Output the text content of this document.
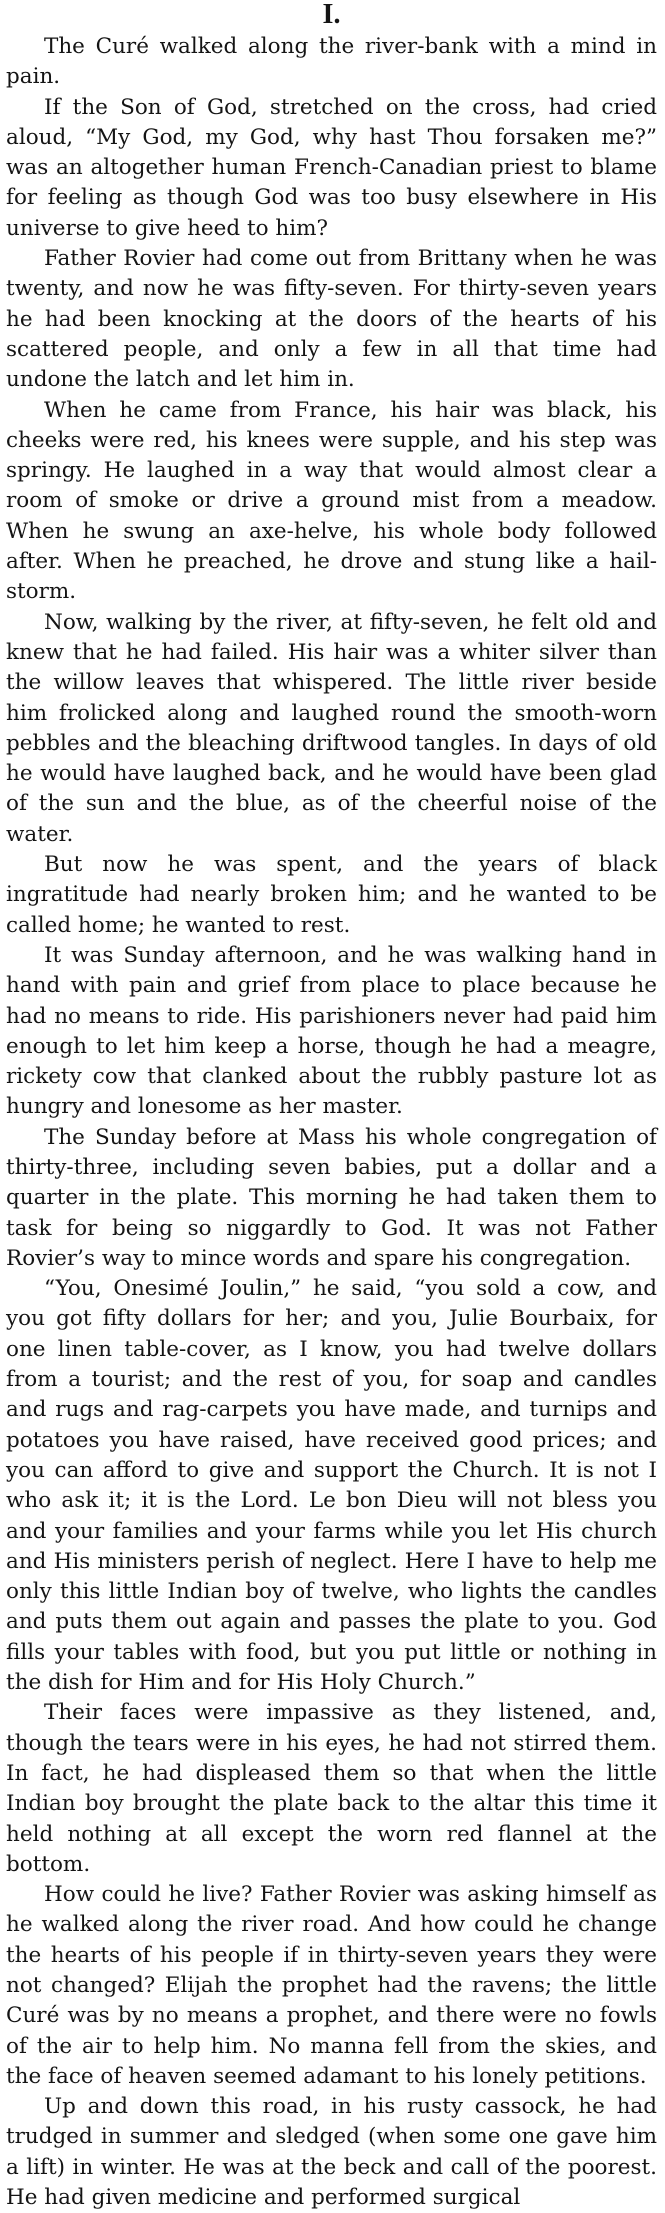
I.

The Curé walked along the river-bank with a mind in pain.

If the Son of God, stretched on the cross, had cried aloud, “My God, my God, why hast Thou forsaken me?” was an altogether human French-Canadian priest to blame for feeling as though God was too busy elsewhere in His universe to give heed to him?

Father Rovier had come out from Brittany when he was twenty, and now he was fifty-seven. For thirty-seven years he had been knocking at the doors of the hearts of his scattered people, and only a few in all that time had undone the latch and let him in.

When he came from France, his hair was black, his cheeks were red, his knees were supple, and his step was springy. He laughed in a way that would almost clear a room of smoke or drive a ground mist from a meadow. When he swung an axe-helve, his whole body followed after. When he preached, he drove and stung like a hail-storm.

Now, walking by the river, at fifty-seven, he felt old and knew that he had failed. His hair was a whiter silver than the willow leaves that whispered. The little river beside him frolicked along and laughed round the smooth-worn pebbles and the bleaching driftwood tangles. In days of old he would have laughed back, and he would have been glad of the sun and the blue, as of the cheerful noise of the water.

But now he was spent, and the years of black ingratitude had nearly broken him; and he wanted to be called home; he wanted to rest.

It was Sunday afternoon, and he was walking hand in hand with pain and grief from place to place because he had no means to ride. His parishioners never had paid him enough to let him keep a horse, though he had a meagre, rickety cow that clanked about the rubbly pasture lot as hungry and lonesome as her master.

The Sunday before at Mass his whole congregation of thirty-three, including seven babies, put a dollar and a quarter in the plate. This morning he had taken them to task for being so niggardly to God. It was not Father Rovier’s way to mince words and spare his congregation.

“You, Onesimé Joulin,” he said, “you sold a cow, and you got fifty dollars for her; and you, Julie Bourbaix, for one linen table-cover, as I know, you had twelve dollars from a tourist; and the rest of you, for soap and candles and rugs and rag-carpets you have made, and turnips and potatoes you have raised, have received good prices; and you can afford to give and support the Church. It is not I who ask it; it is the Lord. Le bon Dieu will not bless you and your families and your farms while you let His church and His ministers perish of neglect. Here I have to help me only this little Indian boy of twelve, who lights the candles and puts them out again and passes the plate to you. God fills your tables with food, but you put little or nothing in the dish for Him and for His Holy Church.”

Their faces were impassive as they listened, and, though the tears were in his eyes, he had not stirred them. In fact, he had displeased them so that when the little Indian boy brought the plate back to the altar this time it held nothing at all except the worn red flannel at the bottom.

How could he live? Father Rovier was asking himself as he walked along the river road. And how could he change the hearts of his people if in thirty-seven years they were not changed? Elijah the prophet had the ravens; the little Curé was by no means a prophet, and there were no fowls of the air to help him. No manna fell from the skies, and the face of heaven seemed adamant to his lonely petitions.

Up and down this road, in his rusty cassock, he had trudged in summer and sledged (when some one gave him a lift) in winter. He was at the beck and call of the poorest. He had given medicine and performed surgical
